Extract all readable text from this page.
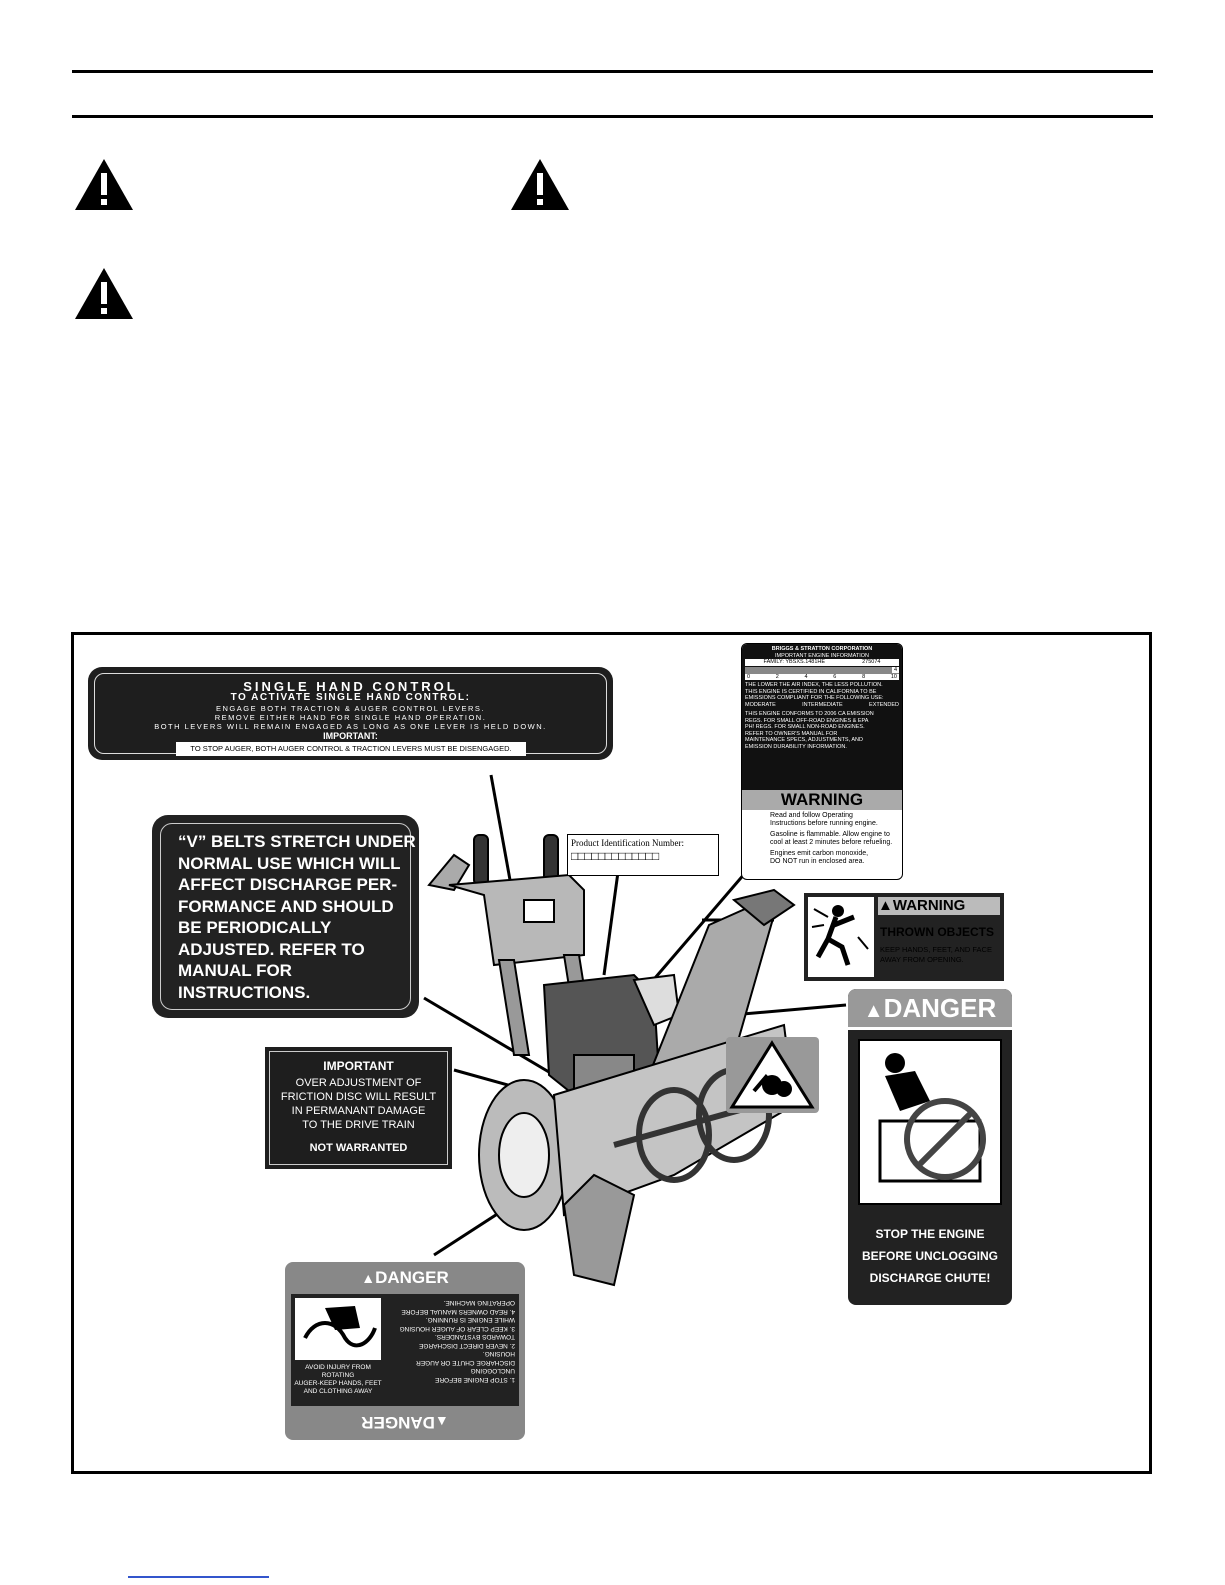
SINGLE HAND CONTROL
TO ACTIVATE SINGLE HAND CONTROL:
ENGAGE BOTH TRACTION & AUGER CONTROL LEVERS.
REMOVE EITHER HAND FOR SINGLE HAND OPERATION.
BOTH LEVERS WILL REMAIN ENGAGED AS LONG AS ONE LEVER IS HELD DOWN.
IMPORTANT:
TO STOP AUGER, BOTH AUGER CONTROL & TRACTION LEVERS MUST BE DISENGAGED.
BRIGGS & STRATTON CORPORATION
IMPORTANT ENGINE INFORMATION
FAMILY: YBSXS.1481HE	275074
4
0	2	4	6	8	10
THE LOWER THE AIR INDEX, THE LESS POLLUTION.
THIS ENGINE IS CERTIFIED IN CALIFORNIA TO BE
EMISSIONS COMPLIANT FOR THE FOLLOWING USE:
MODERATE	INTERMEDIATE	EXTENDED
THIS ENGINE CONFORMS TO 2006 CA EMISSION
REGS. FOR SMALL OFF-ROAD ENGINES & EPA
PH! REGS. FOR SMALL NON-ROAD ENGINES.
REFER TO OWNER'S MANUAL FOR
MAINTENANCE SPECS, ADJUSTMENTS, AND
EMISSION DURABILITY INFORMATION.
WARNING
Read and follow Operating
Instructions before running engine.
Gasoline is flammable. Allow engine to
cool at least 2 minutes before refueling.
Engines emit carbon monoxide,
DO NOT run in enclosed area.
Product Identification Number:
□□□□□□□□□□□□□
“V” BELTS STRETCH UNDER
NORMAL USE WHICH WILL
AFFECT DISCHARGE PER-
FORMANCE AND SHOULD
BE PERIODICALLY
ADJUSTED. REFER TO
MANUAL FOR
INSTRUCTIONS.
▲WARNING
THROWN OBJECTS
KEEP HANDS, FEET, AND FACE
AWAY FROM OPENING.
IMPORTANT
OVER ADJUSTMENT OF
FRICTION DISC WILL RESULT
IN PERMANANT DAMAGE
TO THE DRIVE TRAIN
NOT WARRANTED
▲DANGER
STOP THE ENGINE
BEFORE UNCLOGGING
DISCHARGE CHUTE!
▲DANGER
AVOID INJURY FROM ROTATING
AUGER-KEEP HANDS, FEET
AND CLOTHING AWAY
1. STOP ENGINE BEFORE UNCLOGGING
DISCHARGE CHUTE OR AUGER
HOUSING.
2. NEVER DIRECT DISCHARGE
TOWARDS BYSTANDERS.
3. KEEP CLEAR OF AUGER HOUSING
WHILE ENGINE IS RUNNING.
4. READ OWNERS MANUAL BEFORE
OPERATING MACHINE.
▲DANGER
